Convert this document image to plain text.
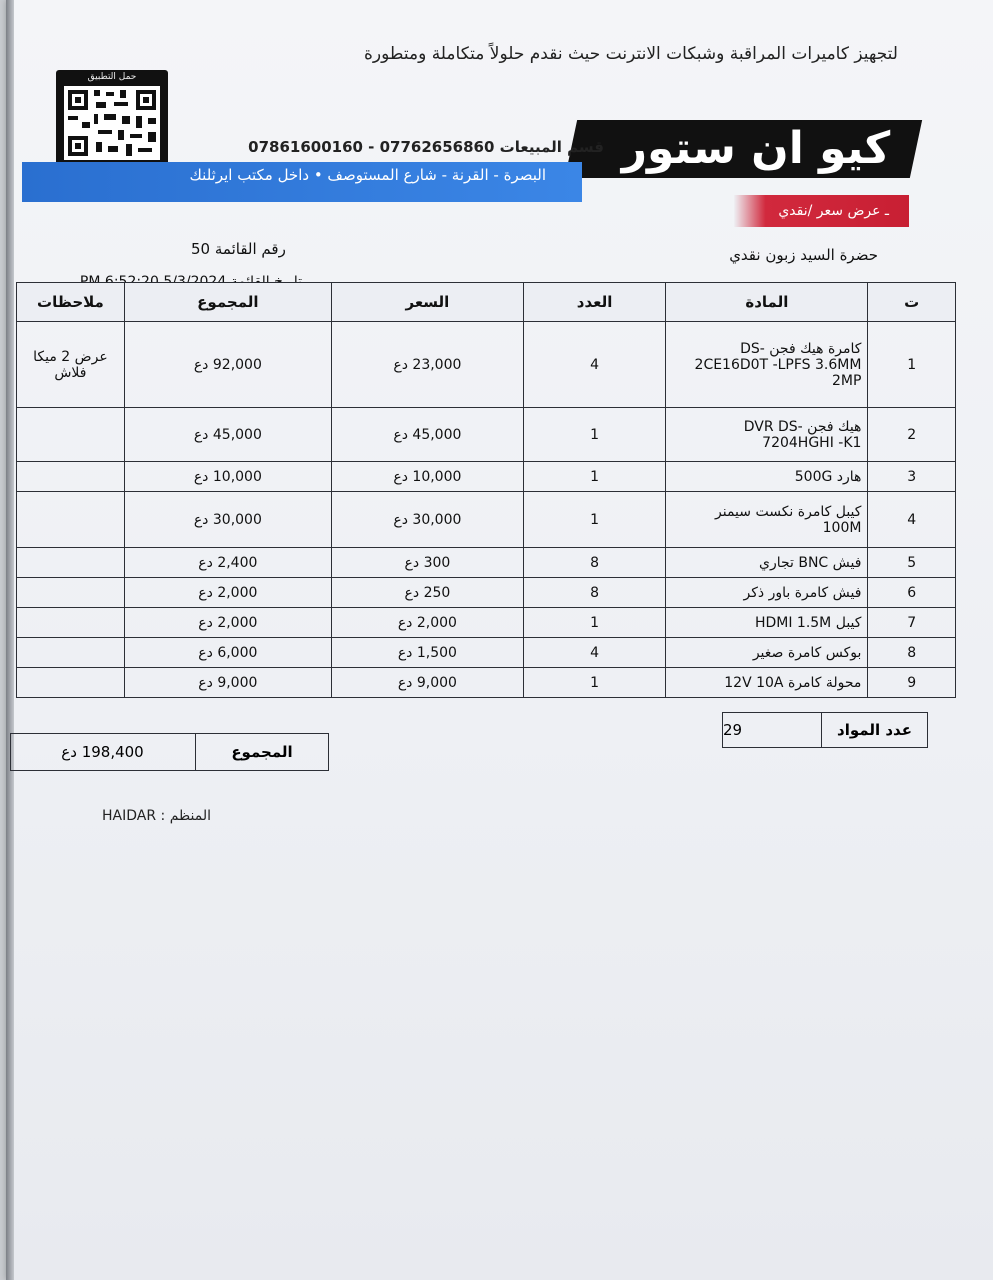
لتجهيز كاميرات المراقبة وشبكات الانترنت حيث نقدم حلولاً متكاملة ومتطورة
حمل التطبيق
كيو ان ستور
قسم المبيعات 07861600160 - 07762656860
البصرة - القرنة - شارع المستوصف • داخل مكتب ايرثلنك
ـ عرض سعر /نقدي
رقم القائمة 50	حضرة السيد زبون نقدي
ت	المادة	العدد	السعر	المجموع	ملاحظات
1	كامرة هيك فجن DS-2CE16D0T -LPFS 3.6MM 2MP	4	23,000 دع	92,000 دع	عرض 2 ميكا فلاش
2	هيك فجن DVR DS-7204HGHI -K1	1	45,000 دع	45,000 دع	
3	هارد 500G	1	10,000 دع	10,000 دع	
4	كيبل كامرة نكست سيمنر 100M	1	30,000 دع	30,000 دع	
5	فيش BNC تجاري	8	300 دع	2,400 دع	
6	فيش كامرة باور ذكر	8	250 دع	2,000 دع	
7	كيبل HDMI 1.5M	1	2,000 دع	2,000 دع	
8	بوكس كامرة صغير	4	1,500 دع	6,000 دع	
9	محولة كامرة 12V 10A	1	9,000 دع	9,000 دع	
عدد المواد
29
المجموع
198,400 دع
HAIDAR : المنظم
